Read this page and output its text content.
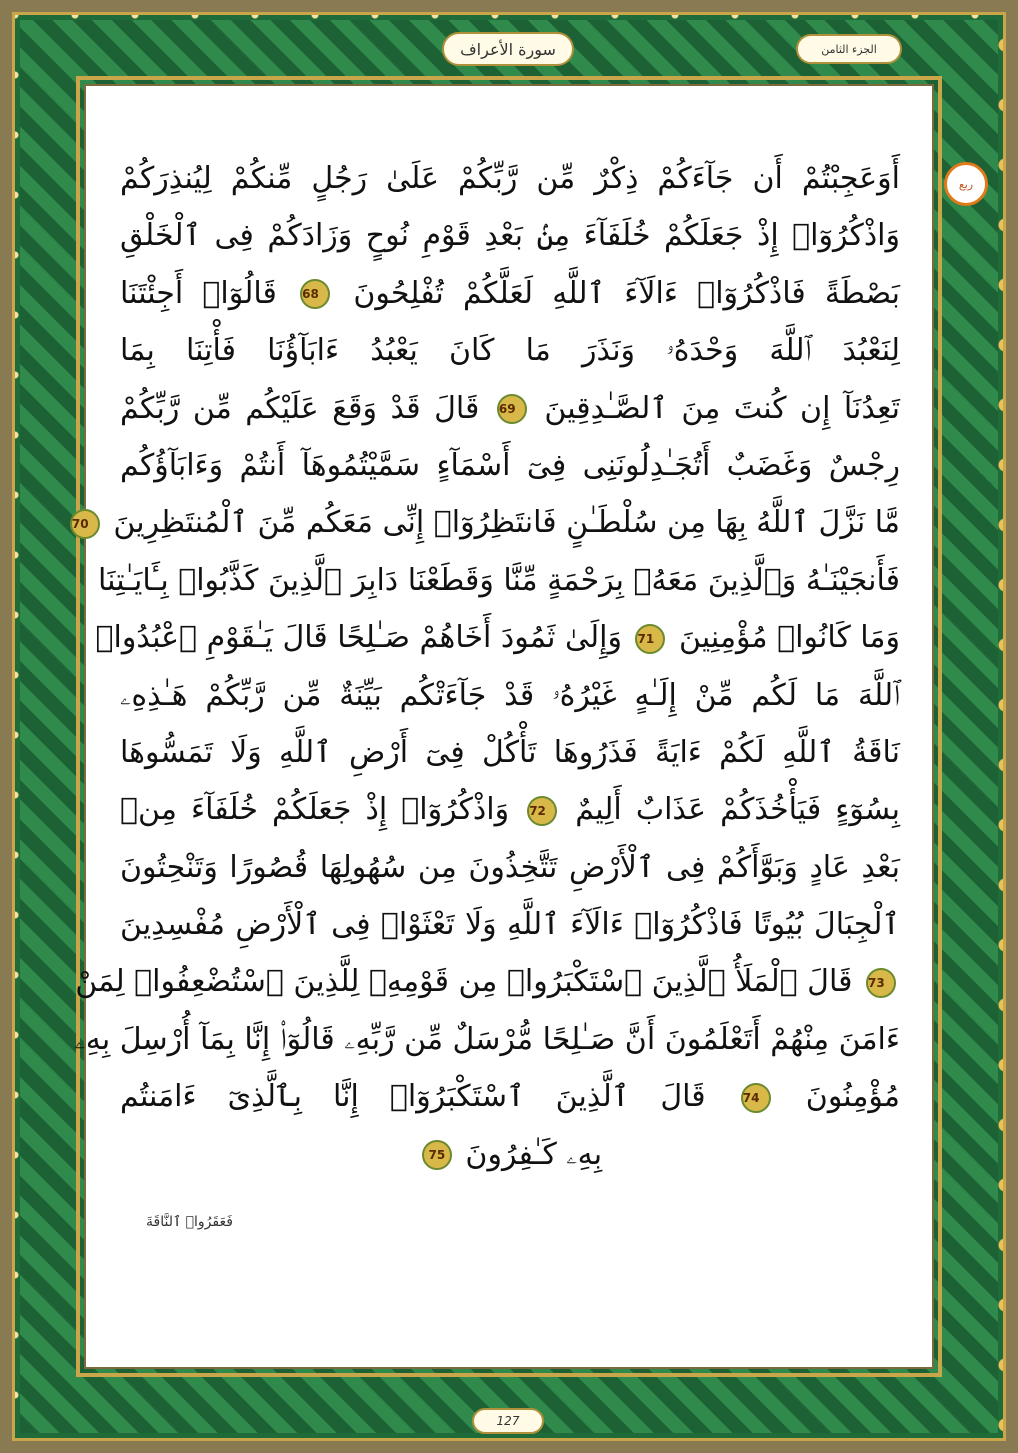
سورة الأعراف	الجزء الثامن
ربع
أَوَعَجِبْتُمْ أَن جَآءَكُمْ ذِكْرٌ مِّن رَّبِّكُمْ عَلَىٰ رَجُلٍ مِّنكُمْ لِيُنذِرَكُمْ
وَاذْكُرُوٓا۟ إِذْ جَعَلَكُمْ خُلَفَآءَ مِنۢ بَعْدِ قَوْمِ نُوحٍ وَزَادَكُمْ فِى ٱلْخَلْقِ
بَصْطَةً فَاذْكُرُوٓا۟ ءَالَآءَ ٱللَّهِ لَعَلَّكُمْ تُفْلِحُونَ 68 قَالُوٓا۟ أَجِئْتَنَا
لِنَعْبُدَ ٱللَّهَ وَحْدَهُۥ وَنَذَرَ مَا كَانَ يَعْبُدُ ءَابَآؤُنَا فَأْتِنَا بِمَا
تَعِدُنَآ إِن كُنتَ مِنَ ٱلصَّـٰدِقِينَ 69 قَالَ قَدْ وَقَعَ عَلَيْكُم مِّن رَّبِّكُمْ
رِجْسٌ وَغَضَبٌ أَتُجَـٰدِلُونَنِى فِىٓ أَسْمَآءٍ سَمَّيْتُمُوهَآ أَنتُمْ وَءَابَآؤُكُم
مَّا نَزَّلَ ٱللَّهُ بِهَا مِن سُلْطَـٰنٍ فَانتَظِرُوٓا۟ إِنِّى مَعَكُم مِّنَ ٱلْمُنتَظِرِينَ 70
فَأَنجَيْنَـٰهُ وَٱلَّذِينَ مَعَهُۥ بِرَحْمَةٍ مِّنَّا وَقَطَعْنَا دَابِرَ ٱلَّذِينَ كَذَّبُوا۟ بِـَٔايَـٰتِنَا
وَمَا كَانُوا۟ مُؤْمِنِينَ 71 وَإِلَىٰ ثَمُودَ أَخَاهُمْ صَـٰلِحًا قَالَ يَـٰقَوْمِ ٱعْبُدُوا۟
ٱللَّهَ مَا لَكُم مِّنْ إِلَـٰهٍ غَيْرُهُۥ قَدْ جَآءَتْكُم بَيِّنَةٌ مِّن رَّبِّكُمْ هَـٰذِهِۦ
نَاقَةُ ٱللَّهِ لَكُمْ ءَايَةً فَذَرُوهَا تَأْكُلْ فِىٓ أَرْضِ ٱللَّهِ وَلَا تَمَسُّوهَا
بِسُوٓءٍ فَيَأْخُذَكُمْ عَذَابٌ أَلِيمٌ 72 وَاذْكُرُوٓا۟ إِذْ جَعَلَكُمْ خُلَفَآءَ مِنۢ
بَعْدِ عَادٍ وَبَوَّأَكُمْ فِى ٱلْأَرْضِ تَتَّخِذُونَ مِن سُهُولِهَا قُصُورًا وَتَنْحِتُونَ
ٱلْجِبَالَ بُيُوتًا فَاذْكُرُوٓا۟ ءَالَآءَ ٱللَّهِ وَلَا تَعْثَوْا۟ فِى ٱلْأَرْضِ مُفْسِدِينَ
73 قَالَ ٱلْمَلَأُ ٱلَّذِينَ ٱسْتَكْبَرُوا۟ مِن قَوْمِهِۦ لِلَّذِينَ ٱسْتُضْعِفُوا۟ لِمَنْ
ءَامَنَ مِنْهُمْ أَتَعْلَمُونَ أَنَّ صَـٰلِحًا مُّرْسَلٌ مِّن رَّبِّهِۦ قَالُوٓا۟ إِنَّا بِمَآ أُرْسِلَ بِهِۦ
مُؤْمِنُونَ 74 قَالَ ٱلَّذِينَ ٱسْتَكْبَرُوٓا۟ إِنَّا بِٱلَّذِىٓ ءَامَنتُم
بِهِۦ كَـٰفِرُونَ 75
فَعَقَرُوا۟ ٱلنَّاقَةَ
127
